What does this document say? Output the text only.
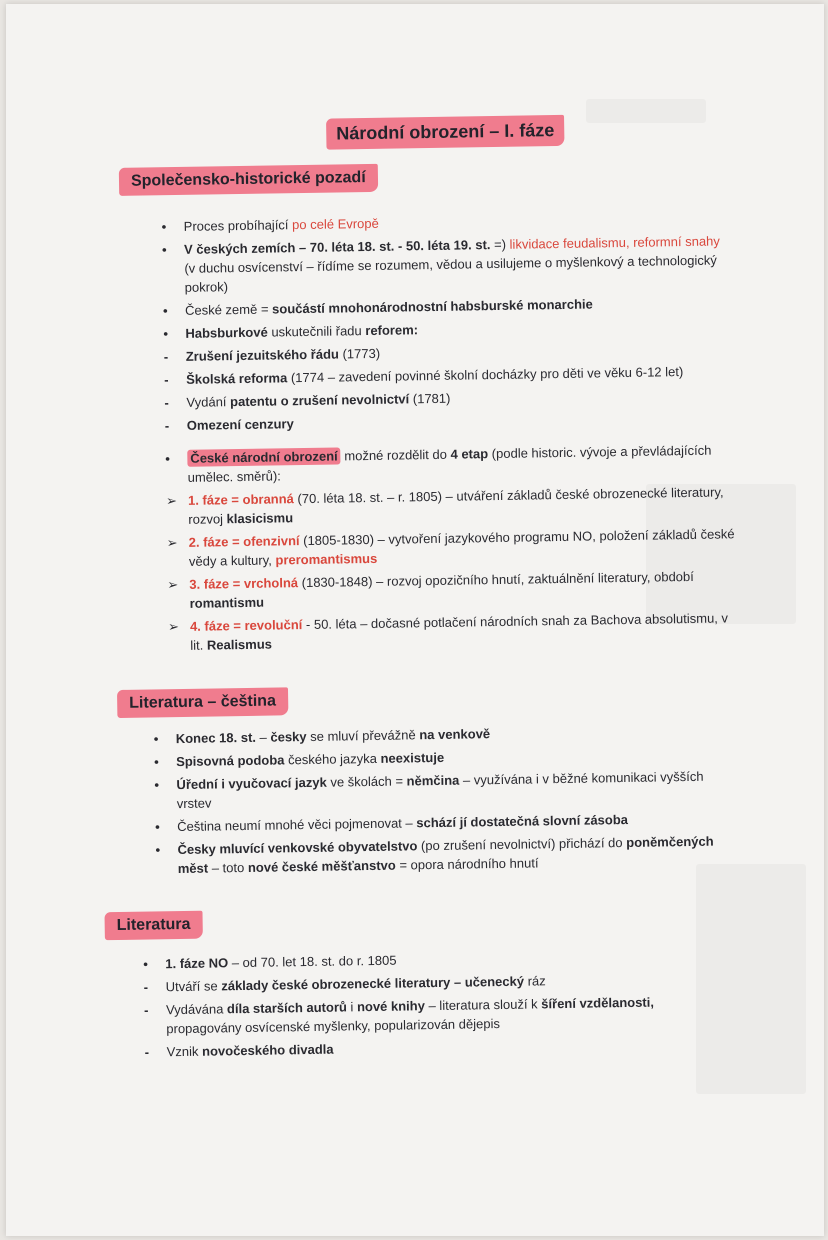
Národní obrození – I. fáze
Společensko-historické pozadí
•	Proces probíhající po celé Evropě
•	V českých zemích – 70. léta 18. st. - 50. léta 19. st. =) likvidace feudalismu, reformní snahy (v duchu osvícenství – řídíme se rozumem, vědou a usilujeme o myšlenkový a technologický pokrok)
•	České země = součástí mnohonárodnostní habsburské monarchie
•	Habsburkové uskutečnili řadu reforem:
-	Zrušení jezuitského řádu (1773)
-	Školská reforma (1774 – zavedení povinné školní docházky pro děti ve věku 6-12 let)
-	Vydání patentu o zrušení nevolnictví (1781)
-	Omezení cenzury
•	České národní obrození možné rozdělit do 4 etap (podle historic. vývoje a převládajících umělec. směrů):
➢ 1. fáze = obranná (70. léta 18. st. – r. 1805) – utváření základů české obrozenecké literatury, rozvoj klasicismu
➢ 2. fáze = ofenzivní (1805-1830) – vytvoření jazykového programu NO, položení základů české vědy a kultury, preromantismus
➢ 3. fáze = vrcholná (1830-1848) – rozvoj opozičního hnutí, zaktuálnění literatury, období romantismu
➢ 4. fáze = revoluční - 50. léta – dočasné potlačení národních snah za Bachova absolutismu, v lit. Realismus
Literatura – čeština
•	Konec 18. st. – česky se mluví převážně na venkově
•	Spisovná podoba českého jazyka neexistuje
•	Úřední i vyučovací jazyk ve školách = němčina – využívána i v běžné komunikaci vyšších vrstev
•	Čeština neumí mnohé věci pojmenovat – schází jí dostatečná slovní zásoba
•	Česky mluvící venkovské obyvatelstvo (po zrušení nevolnictví) přichází do poněmčených měst – toto nové české měšťanstvo = opora národního hnutí
Literatura
•	1. fáze NO – od 70. let 18. st. do r. 1805
-	Utváří se základy české obrozenecké literatury – učenecký ráz
-	Vydávána díla starších autorů i nové knihy – literatura slouží k šíření vzdělanosti, propagovány osvícenské myšlenky, popularizován dějepis
-	Vznik novočeského divadla
